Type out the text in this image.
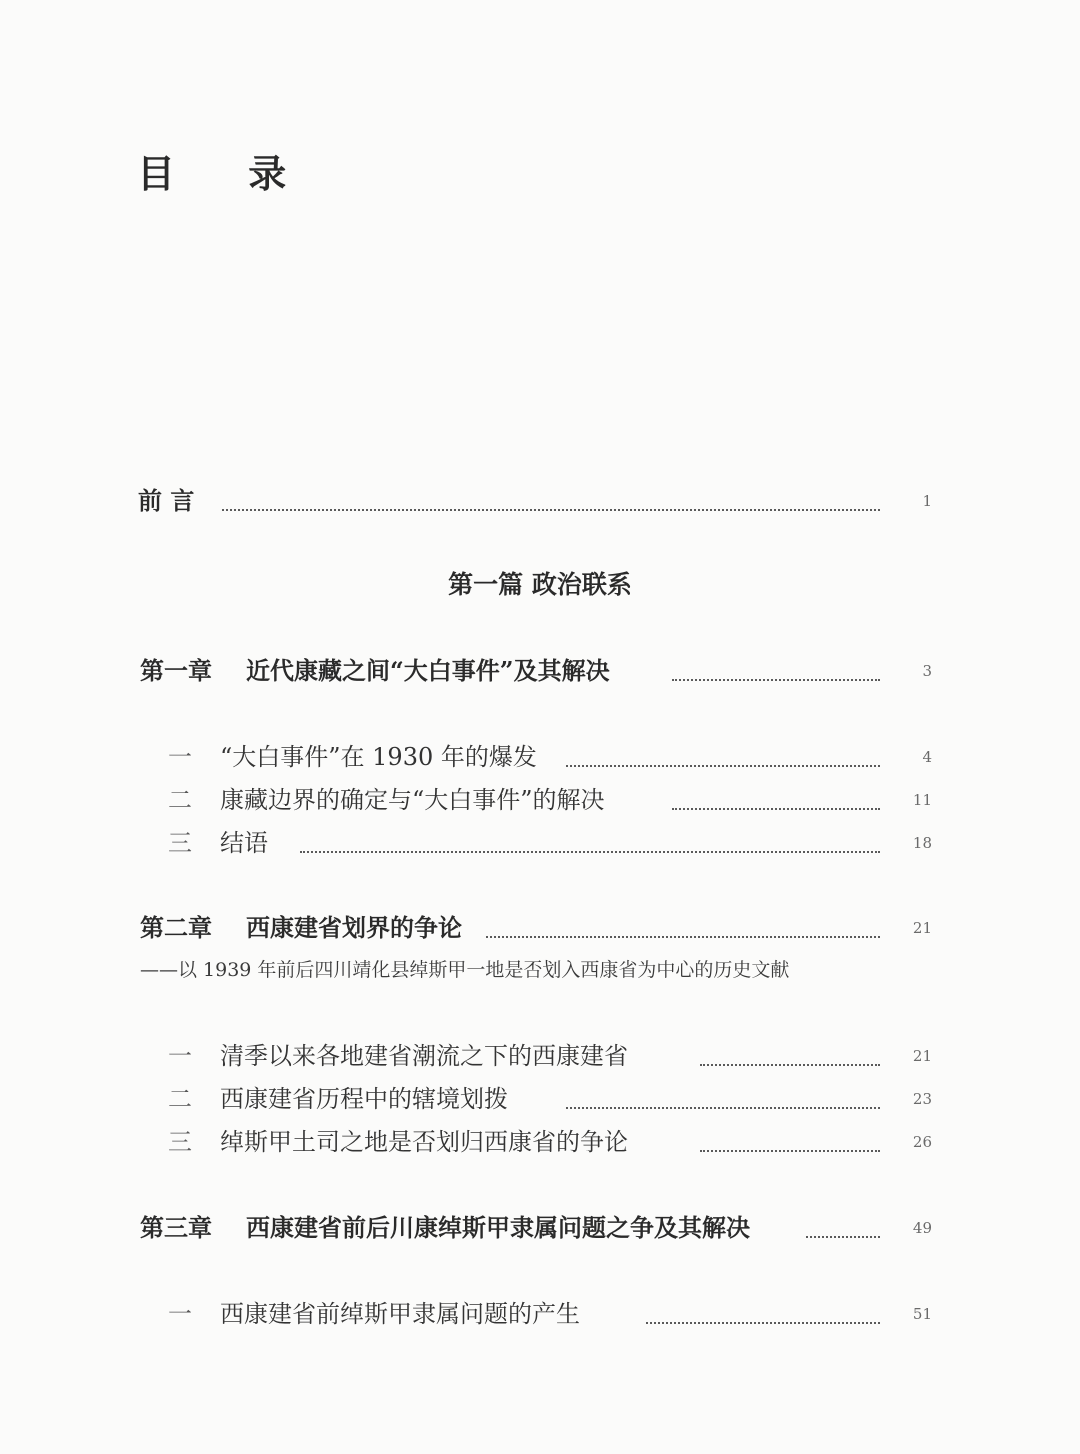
目 录
前 言	1
第一篇 政治联系
第一章 近代康藏之间“大白事件”及其解决	3
一 “大白事件”在 1930 年的爆发	4
二 康藏边界的确定与“大白事件”的解决	11
三 结语	18
第二章 西康建省划界的争论	21
——以 1939 年前后四川靖化县绰斯甲一地是否划入西康省为中心的历史文献
一 清季以来各地建省潮流之下的西康建省	21
二 西康建省历程中的辖境划拨	23
三 绰斯甲土司之地是否划归西康省的争论	26
第三章 西康建省前后川康绰斯甲隶属问题之争及其解决	49
一 西康建省前绰斯甲隶属问题的产生	51
